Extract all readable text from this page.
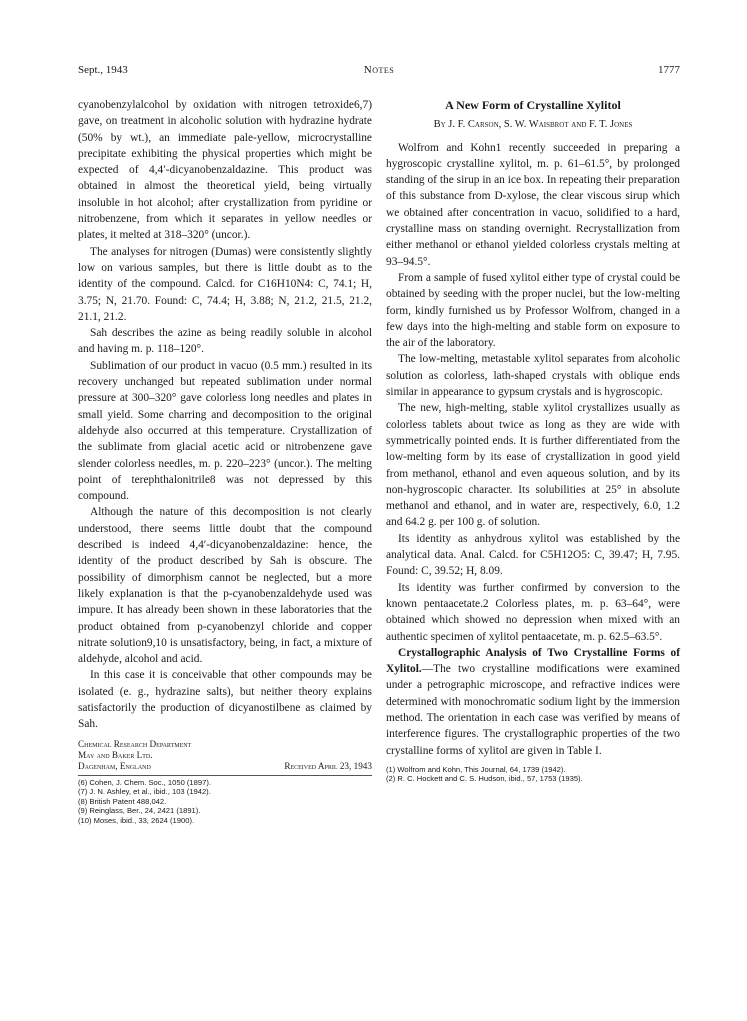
Sept., 1943	Notes	1777

cyanobenzylalcohol by oxidation with nitrogen tetroxide6,7) gave, on treatment in alcoholic solution with hydrazine hydrate (50% by wt.), an immediate pale-yellow, microcrystalline precipitate exhibiting the physical properties which might be expected of 4,4′-dicyanobenzaldazine. This product was obtained in almost the theoretical yield, being virtually insoluble in hot alcohol; after crystallization from pyridine or nitrobenzene, from which it separates in yellow needles or plates, it melted at 318–320° (uncor.).

The analyses for nitrogen (Dumas) were consistently slightly low on various samples, but there is little doubt as to the identity of the compound. Calcd. for C16H10N4: C, 74.1; H, 3.75; N, 21.70. Found: C, 74.4; H, 3.88; N, 21.2, 21.5, 21.2, 21.1, 21.2.

Sah describes the azine as being readily soluble in alcohol and having m. p. 118–120°.

Sublimation of our product in vacuo (0.5 mm.) resulted in its recovery unchanged but repeated sublimation under normal pressure at 300–320° gave colorless long needles and plates in small yield. Some charring and decomposition to the original aldehyde also occurred at this temperature. Crystallization of the sublimate from glacial acetic acid or nitrobenzene gave slender colorless needles, m. p. 220–223° (uncor.). The melting point of terephthalonitrile8 was not depressed by this compound.

Although the nature of this decomposition is not clearly understood, there seems little doubt that the compound described is indeed 4,4′-dicyanobenzaldazine: hence, the identity of the product described by Sah is obscure. The possibility of dimorphism cannot be neglected, but a more likely explanation is that the p-cyanobenzaldehyde used was impure. It has already been shown in these laboratories that the product obtained from p-cyanobenzyl chloride and copper nitrate solution9,10 is unsatisfactory, being, in fact, a mixture of aldehyde, alcohol and acid.

In this case it is conceivable that other compounds may be isolated (e. g., hydrazine salts), but neither theory explains satisfactorily the production of dicyanostilbene as claimed by Sah.

Chemical Research Department
May and Baker Ltd.
Dagenham, England	Received April 23, 1943
(6) Cohen, J. Chem. Soc., 1050 (1897).
(7) J. N. Ashley, et al., ibid., 103 (1942).
(8) British Patent 488,042.
(9) Reinglass, Ber., 24, 2421 (1891).
(10) Moses, ibid., 33, 2624 (1900).
A New Form of Crystalline Xylitol
By J. F. Carson, S. W. Waisbrot and F. T. Jones

Wolfrom and Kohn1 recently succeeded in preparing a hygroscopic crystalline xylitol, m. p. 61–61.5°, by prolonged standing of the sirup in an ice box. In repeating their preparation of this substance from D-xylose, the clear viscous sirup which we obtained after concentration in vacuo, solidified to a hard, crystalline mass on standing overnight. Recrystallization from either methanol or ethanol yielded colorless crystals melting at 93–94.5°.

From a sample of fused xylitol either type of crystal could be obtained by seeding with the proper nuclei, but the low-melting form, kindly furnished us by Professor Wolfrom, changed in a few days into the high-melting and stable form on exposure to the air of the laboratory.

The low-melting, metastable xylitol separates from alcoholic solution as colorless, lath-shaped crystals with oblique ends similar in appearance to gypsum crystals and is hygroscopic.

The new, high-melting, stable xylitol crystallizes usually as colorless tablets about twice as long as they are wide with symmetrically pointed ends. It is further differentiated from the low-melting form by its ease of crystallization in good yield from methanol, ethanol and even aqueous solution, and by its non-hygroscopic character. Its solubilities at 25° in absolute methanol and ethanol, and in water are, respectively, 6.0, 1.2 and 64.2 g. per 100 g. of solution.

Its identity as anhydrous xylitol was established by the analytical data. Anal. Calcd. for C5H12O5: C, 39.47; H, 7.95. Found: C, 39.52; H, 8.09.

Its identity was further confirmed by conversion to the known pentaacetate.2 Colorless plates, m. p. 63–64°, were obtained which showed no depression when mixed with an authentic specimen of xylitol pentaacetate, m. p. 62.5–63.5°.

Crystallographic Analysis of Two Crystalline Forms of Xylitol.—The two crystalline modifications were examined under a petrographic microscope, and refractive indices were determined with monochromatic sodium light by the immersion method. The orientation in each case was verified by means of interference figures. The crystallographic properties of the two crystalline forms of xylitol are given in Table I.

(1) Wolfrom and Kohn, This Journal, 64, 1739 (1942).
(2) R. C. Hockett and C. S. Hudson, ibid., 57, 1753 (1935).
